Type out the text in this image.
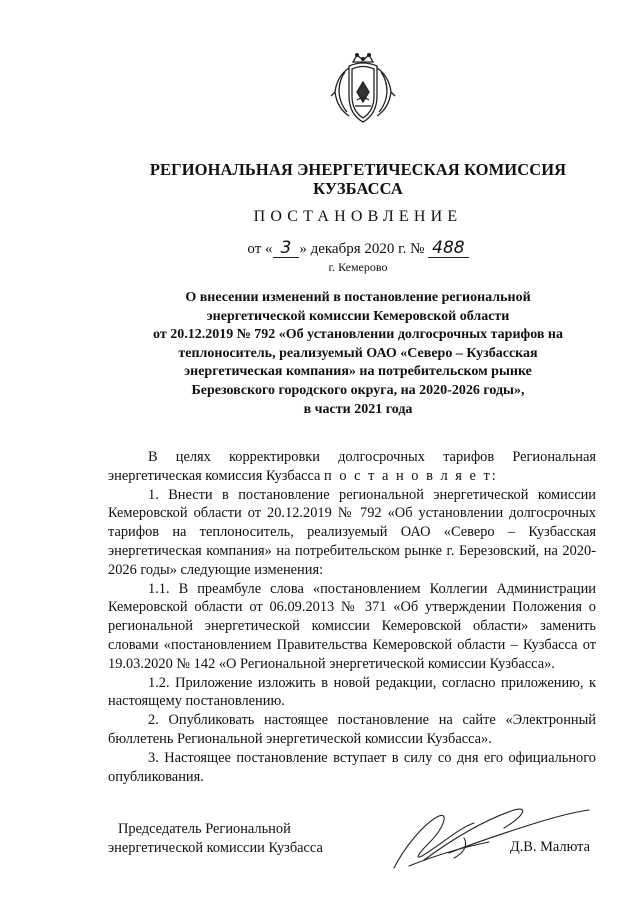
РЕГИОНАЛЬНАЯ ЭНЕРГЕТИЧЕСКАЯ КОМИССИЯ
КУЗБАССА
ПОСТАНОВЛЕНИЕ
от « 3 » декабря 2020 г. № 488
г. Кемерово
О внесении изменений в постановление региональной
энергетической комиссии Кемеровской области
от 20.12.2019 № 792 «Об установлении долгосрочных тарифов на
теплоноситель, реализуемый ОАО «Северо – Кузбасская
энергетическая компания» на потребительском рынке
Березовского городского округа, на 2020-2026 годы»,
в части 2021 года

В целях корректировки долгосрочных тарифов Региональная энергетическая комиссия Кузбасса п о с т а н о в л я е т:

1. Внести в постановление региональной энергетической комиссии Кемеровской области от 20.12.2019 № 792 «Об установлении долгосрочных тарифов на теплоноситель, реализуемый ОАО «Северо – Кузбасская энергетическая компания» на потребительском рынке г. Березовский, на 2020-2026 годы» следующие изменения:

1.1. В преамбуле слова «постановлением Коллегии Администрации Кемеровской области от 06.09.2013 № 371 «Об утверждении Положения о региональной энергетической комиссии Кемеровской области» заменить словами «постановлением Правительства Кемеровской области – Кузбасса от 19.03.2020 № 142 «О Региональной энергетической комиссии Кузбасса».

1.2. Приложение изложить в новой редакции, согласно приложению, к настоящему постановлению.

2. Опубликовать настоящее постановление на сайте «Электронный бюллетень Региональной энергетической комиссии Кузбасса».

3. Настоящее постановление вступает в силу со дня его официального опубликования.

Председатель Региональной
энергетической комиссии Кузбасса	Д.В. Малюта
